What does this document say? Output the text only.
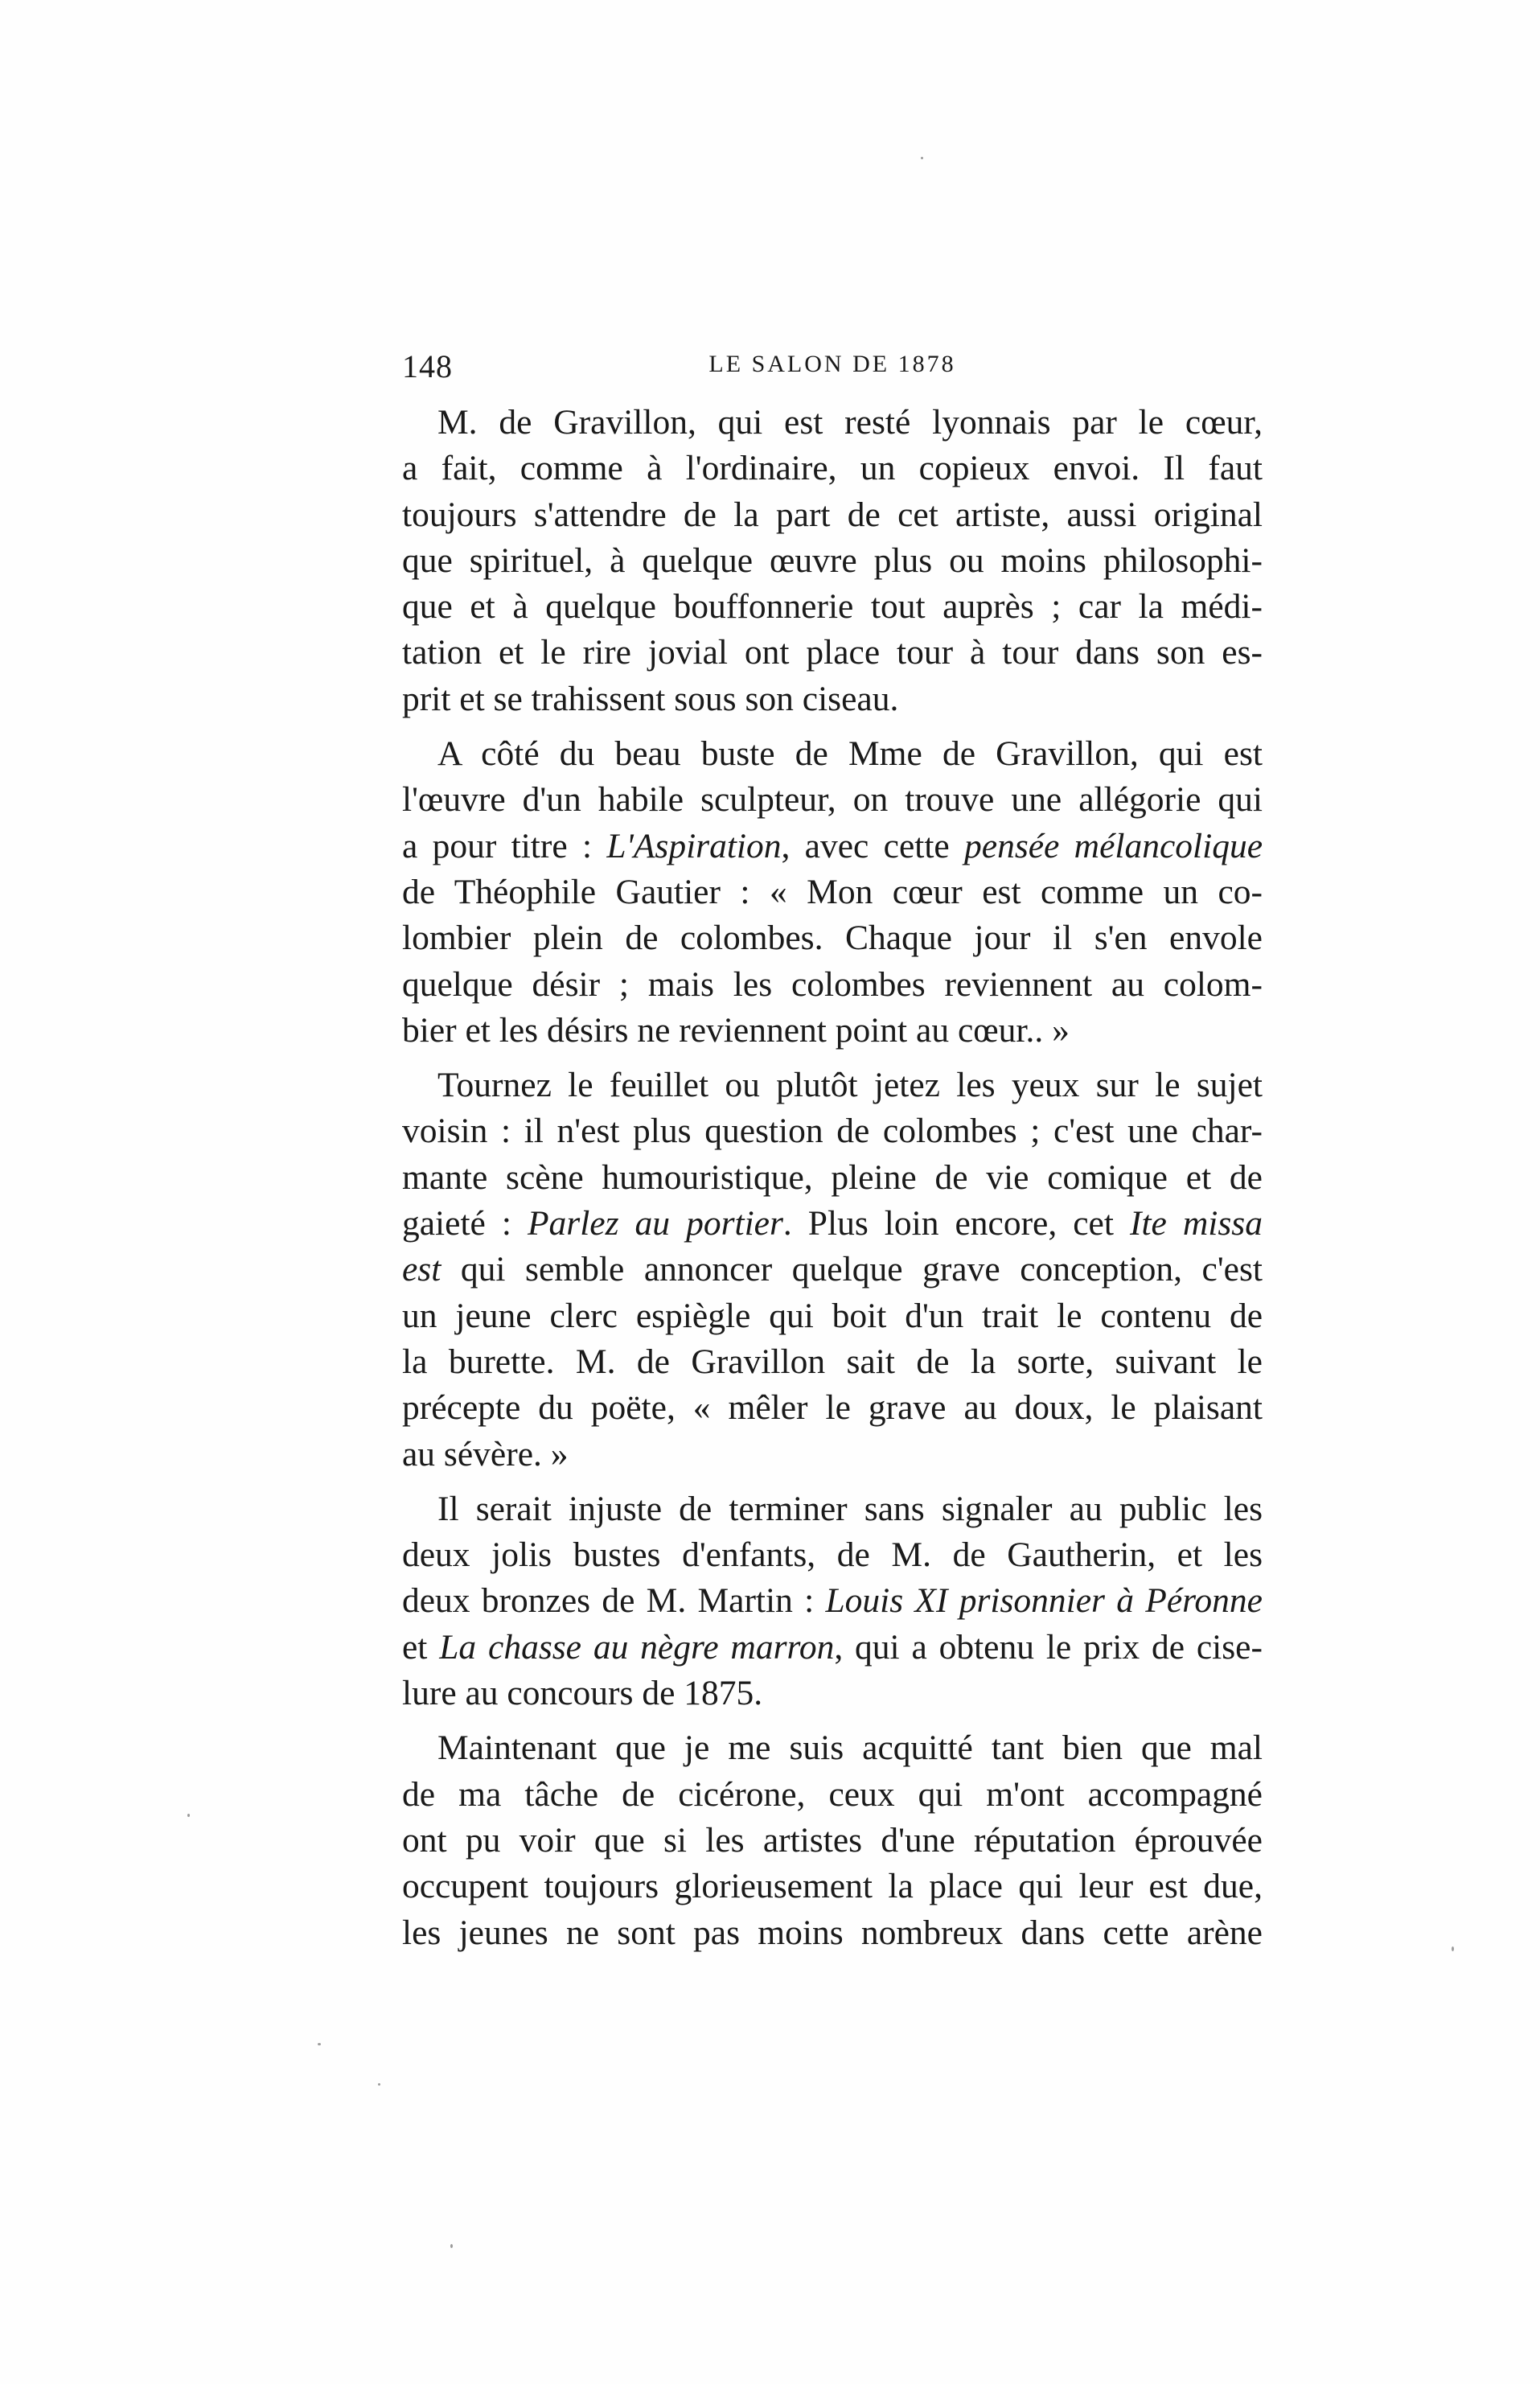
148	LE SALON DE 1878
M. de Gravillon, qui est resté lyonnais par le cœur,
a fait, comme à l'ordinaire, un copieux envoi. Il faut
toujours s'attendre de la part de cet artiste, aussi original
que spirituel, à quelque œuvre plus ou moins philosophi-
que et à quelque bouffonnerie tout auprès ; car la médi-
tation et le rire jovial ont place tour à tour dans son es-
prit et se trahissent sous son ciseau.
A côté du beau buste de Mme de Gravillon, qui est
l'œuvre d'un habile sculpteur, on trouve une allégorie qui
a pour titre : L'Aspiration, avec cette pensée mélancolique
de Théophile Gautier : « Mon cœur est comme un co-
lombier plein de colombes. Chaque jour il s'en envole
quelque désir ; mais les colombes reviennent au colom-
bier et les désirs ne reviennent point au cœur.. »
Tournez le feuillet ou plutôt jetez les yeux sur le sujet
voisin : il n'est plus question de colombes ; c'est une char-
mante scène humouristique, pleine de vie comique et de
gaieté : Parlez au portier. Plus loin encore, cet Ite missa
est qui semble annoncer quelque grave conception, c'est
un jeune clerc espiègle qui boit d'un trait le contenu de
la burette. M. de Gravillon sait de la sorte, suivant le
précepte du poëte, « mêler le grave au doux, le plaisant
au sévère. »
Il serait injuste de terminer sans signaler au public les
deux jolis bustes d'enfants, de M. de Gautherin, et les
deux bronzes de M. Martin : Louis XI prisonnier à Péronne
et La chasse au nègre marron, qui a obtenu le prix de cise-
lure au concours de 1875.
Maintenant que je me suis acquitté tant bien que mal
de ma tâche de cicérone, ceux qui m'ont accompagné
ont pu voir que si les artistes d'une réputation éprouvée
occupent toujours glorieusement la place qui leur est due,
les jeunes ne sont pas moins nombreux dans cette arène
